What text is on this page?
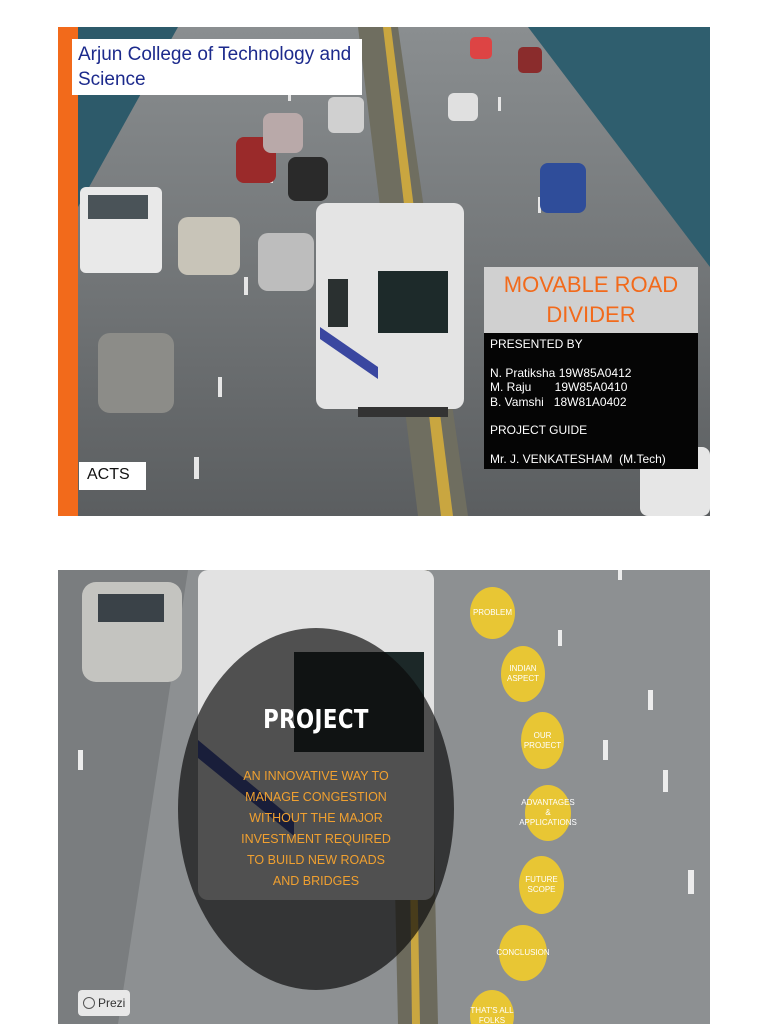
Arjun College of Technology and Science
ACTS
MOVABLE ROAD DIVIDER
PRESENTED BY
N. Pratiksha 19W85A0412
M. Raju       19W85A0410
B. Vamshi   18W81A0402
PROJECT GUIDE
Mr. J. VENKATESHAM  (M.Tech)
PROJECT
AN INNOVATIVE WAY TO MANAGE CONGESTION WITHOUT THE MAJOR INVESTMENT REQUIRED TO BUILD NEW ROADS AND BRIDGES
PROBLEM
INDIAN ASPECT
OUR PROJECT
ADVANTAGES & APPLICATIONS
FUTURE SCOPE
CONCLUSION
THAT'S ALL FOLKS
Prezi
